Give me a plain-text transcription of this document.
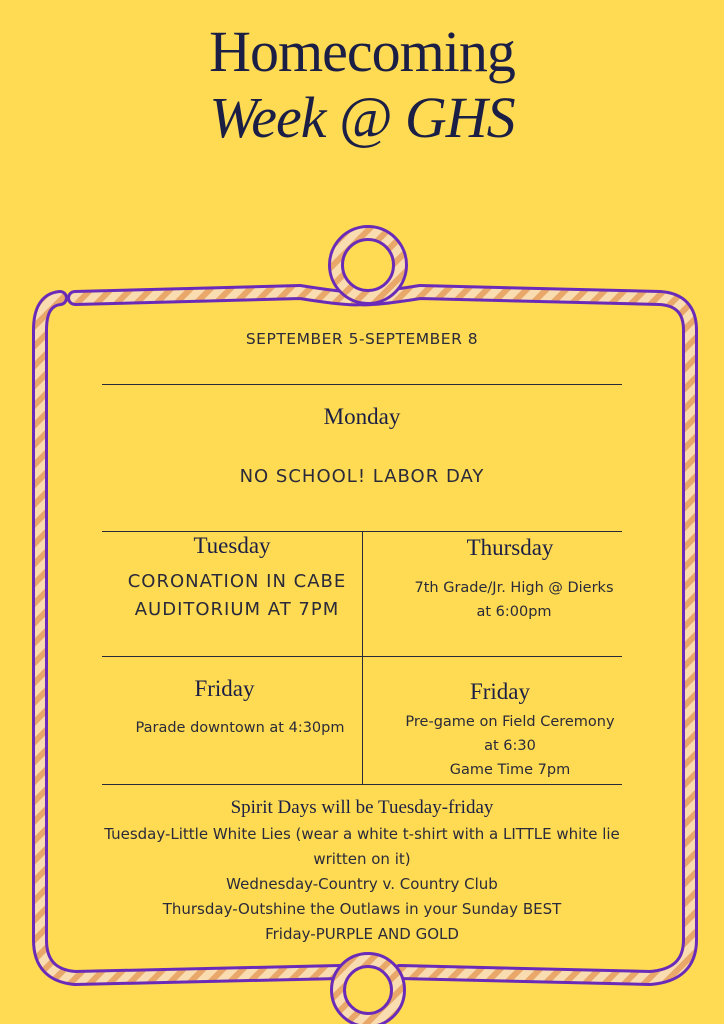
Homecoming
Week @ GHS
SEPTEMBER 5-SEPTEMBER 8
Monday
NO SCHOOL! LABOR DAY
Tuesday
CORONATION IN CABE
AUDITORIUM AT 7PM
Thursday
7th Grade/Jr. High @ Dierks
at 6:00pm
Friday
Parade downtown at 4:30pm
Friday
Pre-game on Field Ceremony
at 6:30
Game Time 7pm
Spirit Days will be Tuesday-friday
Tuesday-Little White Lies (wear a white t-shirt with a LITTLE white lie
written on it)
Wednesday-Country v. Country Club
Thursday-Outshine the Outlaws in your Sunday BEST
Friday-PURPLE AND GOLD
